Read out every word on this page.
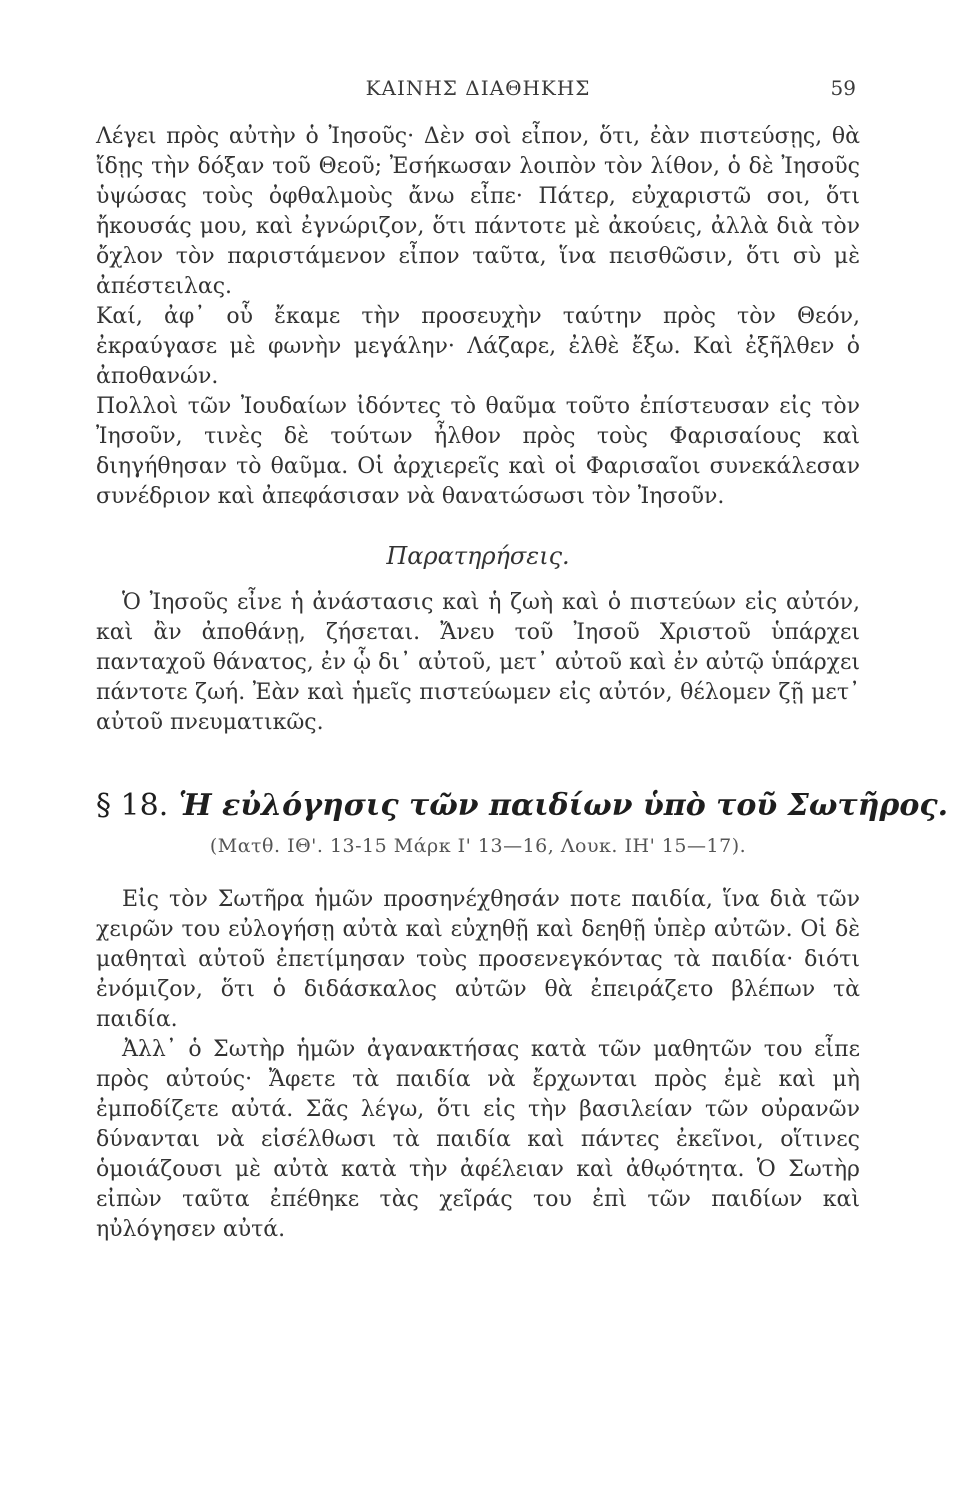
ΚΑΙΝΗΣ ΔΙΑΘΗΚΗΣ	59

Λέγει πρὸς αὐτὴν ὁ Ἰησοῦς· Δὲν σοὶ εἶπον, ὅτι, ἐὰν πιστεύσῃς, θὰ ἴδῃς τὴν δόξαν τοῦ Θεοῦ; Ἐσήκωσαν λοιπὸν τὸν λίθον, ὁ δὲ Ἰησοῦς ὑψώσας τοὺς ὀφθαλμοὺς ἄνω εἶπε· Πάτερ, εὐχαριστῶ σοι, ὅτι ἤκουσάς μου, καὶ ἐγνώριζον, ὅτι πάντοτε μὲ ἀκούεις, ἀλλὰ διὰ τὸν ὄχλον τὸν παριστάμενον εἶπον ταῦτα, ἵνα πεισθῶσιν, ὅτι σὺ μὲ ἀπέστειλας.

Καί, ἀφ᾽ οὗ ἔκαμε τὴν προσευχὴν ταύτην πρὸς τὸν Θεόν, ἐκραύγασε μὲ φωνὴν μεγάλην· Λάζαρε, ἐλθὲ ἔξω. Καὶ ἐξῆλθεν ὁ ἀποθανών.

Πολλοὶ τῶν Ἰουδαίων ἰδόντες τὸ θαῦμα τοῦτο ἐπίστευσαν εἰς τὸν Ἰησοῦν, τινὲς δὲ τούτων ἦλθον πρὸς τοὺς Φαρισαίους καὶ διηγήθησαν τὸ θαῦμα. Οἱ ἀρχιερεῖς καὶ οἱ Φαρισαῖοι συνεκάλεσαν συνέδριον καὶ ἀπεφάσισαν νὰ θανατώσωσι τὸν Ἰησοῦν.

Παρατηρήσεις.

Ὁ Ἰησοῦς εἶνε ἡ ἀνάστασις καὶ ἡ ζωὴ καὶ ὁ πιστεύων εἰς αὐτόν, καὶ ἂν ἀποθάνῃ, ζήσεται. Ἄνευ τοῦ Ἰησοῦ Χριστοῦ ὑπάρχει πανταχοῦ θάνατος, ἐν ᾧ δι᾽ αὐτοῦ, μετ᾽ αὐτοῦ καὶ ἐν αὐτῷ ὑπάρχει πάντοτε ζωή. Ἐὰν καὶ ἡμεῖς πιστεύωμεν εἰς αὐτόν, θέλομεν ζῇ μετ᾽ αὐτοῦ πνευματικῶς.

§ 18. Ἡ εὐλόγησις τῶν παιδίων ὑπὸ τοῦ Σωτῆρος.
(Ματθ. ΙΘ'. 13-15 Μάρκ Ι' 13—16, Λουκ. ΙΗ' 15—17).

Εἰς τὸν Σωτῆρα ἡμῶν προσηνέχθησάν ποτε παιδία, ἵνα διὰ τῶν χειρῶν του εὐλογήσῃ αὐτὰ καὶ εὐχηθῇ καὶ δεηθῇ ὑπὲρ αὐτῶν. Οἱ δὲ μαθηταὶ αὐτοῦ ἐπετίμησαν τοὺς προσενεγκόντας τὰ παιδία· διότι ἐνόμιζον, ὅτι ὁ διδάσκαλος αὐτῶν θὰ ἐπειράζετο βλέπων τὰ παιδία.

Ἀλλ᾽ ὁ Σωτὴρ ἡμῶν ἀγανακτήσας κατὰ τῶν μαθητῶν του εἶπε πρὸς αὐτούς· Ἄφετε τὰ παιδία νὰ ἔρχωνται πρὸς ἐμὲ καὶ μὴ ἐμποδίζετε αὐτά. Σᾶς λέγω, ὅτι εἰς τὴν βασιλείαν τῶν οὐρανῶν δύνανται νὰ εἰσέλθωσι τὰ παιδία καὶ πάντες ἐκεῖνοι, οἵτινες ὁμοιάζουσι μὲ αὐτὰ κατὰ τὴν ἀφέλειαν καὶ ἀθῳότητα. Ὁ Σωτὴρ εἰπὼν ταῦτα ἐπέθηκε τὰς χεῖράς του ἐπὶ τῶν παιδίων καὶ ηὐλόγησεν αὐτά.
